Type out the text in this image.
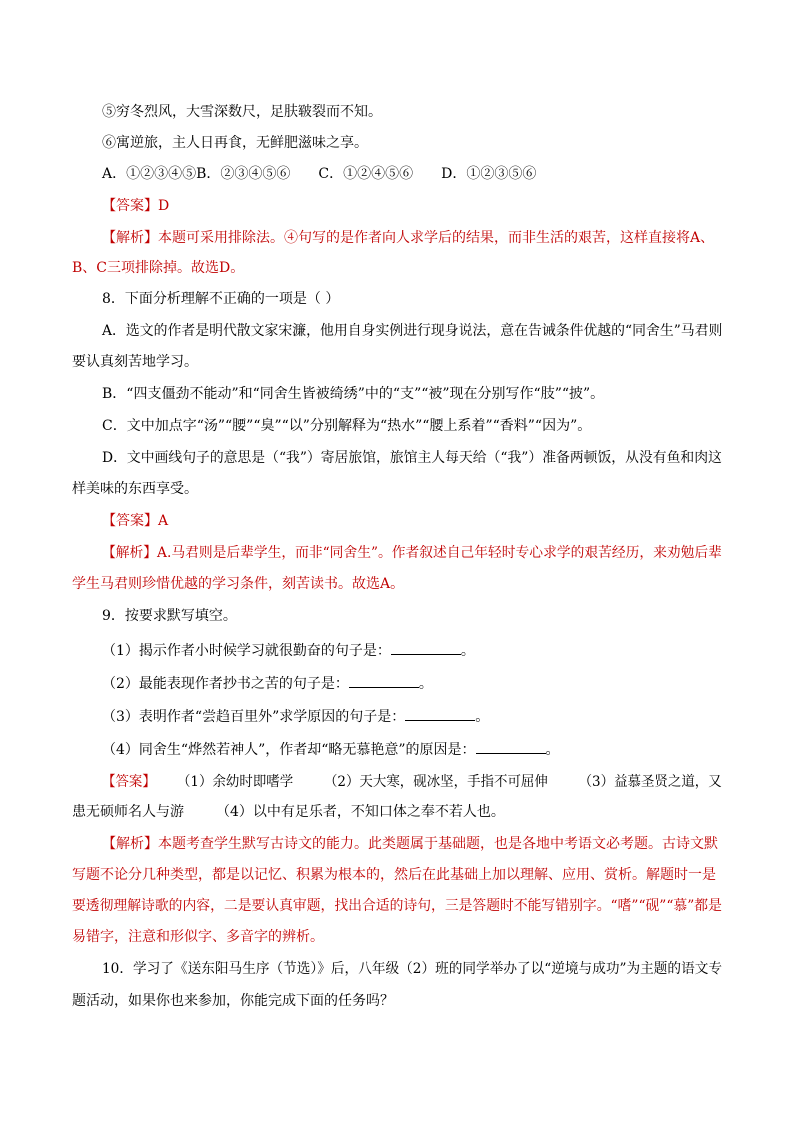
⑤穷冬烈风，大雪深数尺，足肤皲裂而不知。
⑥寓逆旅，主人日再食，无鲜肥滋味之享。
A．①②③④⑤B．②③④⑤⑥　　C．①②④⑤⑥　　D．①②③⑤⑥
【答案】D
【解析】本题可采用排除法。④句写的是作者向人求学后的结果，而非生活的艰苦，这样直接将A、
B、C三项排除掉。故选D。
8．下面分析理解不正确的一项是（ ）
A．选文的作者是明代散文家宋濂，他用自身实例进行现身说法，意在告诫条件优越的“同舍生”马君则
要认真刻苦地学习。
B．“四支僵劲不能动”和“同舍生皆被绮绣”中的“支”“被”现在分别写作“肢”“披”。
C．文中加点字“汤”“腰”“臭”“以”分别解释为“热水”“腰上系着”“香料”“因为”。
D．文中画线句子的意思是（“我”）寄居旅馆，旅馆主人每天给（“我”）准备两顿饭，从没有鱼和肉这
样美味的东西享受。
【答案】A
【解析】A.马君则是后辈学生，而非“同舍生”。作者叙述自己年轻时专心求学的艰苦经历，来劝勉后辈
学生马君则珍惜优越的学习条件，刻苦读书。故选A。
9．按要求默写填空。
（1）揭示作者小时候学习就很勤奋的句子是：	。
（2）最能表现作者抄书之苦的句子是：	。
（3）表明作者“尝趋百里外”求学原因的句子是：	。
（4）同舍生“烨然若神人”，作者却“略无慕艳意”的原因是：	。
【答案】 （1）余幼时即嗜学 （2）天大寒，砚冰坚，手指不可屈伸 （3）益慕圣贤之道，又
患无硕师名人与游 （4）以中有足乐者，不知口体之奉不若人也。
【解析】本题考查学生默写古诗文的能力。此类题属于基础题，也是各地中考语文必考题。古诗文默
写题不论分几种类型，都是以记忆、积累为根本的，然后在此基础上加以理解、应用、赏析。解题时一是
要透彻理解诗歌的内容，二是要认真审题，找出合适的诗句，三是答题时不能写错别字。“嗜”“砚”“慕”都是
易错字，注意和形似字、多音字的辨析。
10．学习了《送东阳马生序（节选）》后，八年级（2）班的同学举办了以“逆境与成功”为主题的语文专
题活动，如果你也来参加，你能完成下面的任务吗？
